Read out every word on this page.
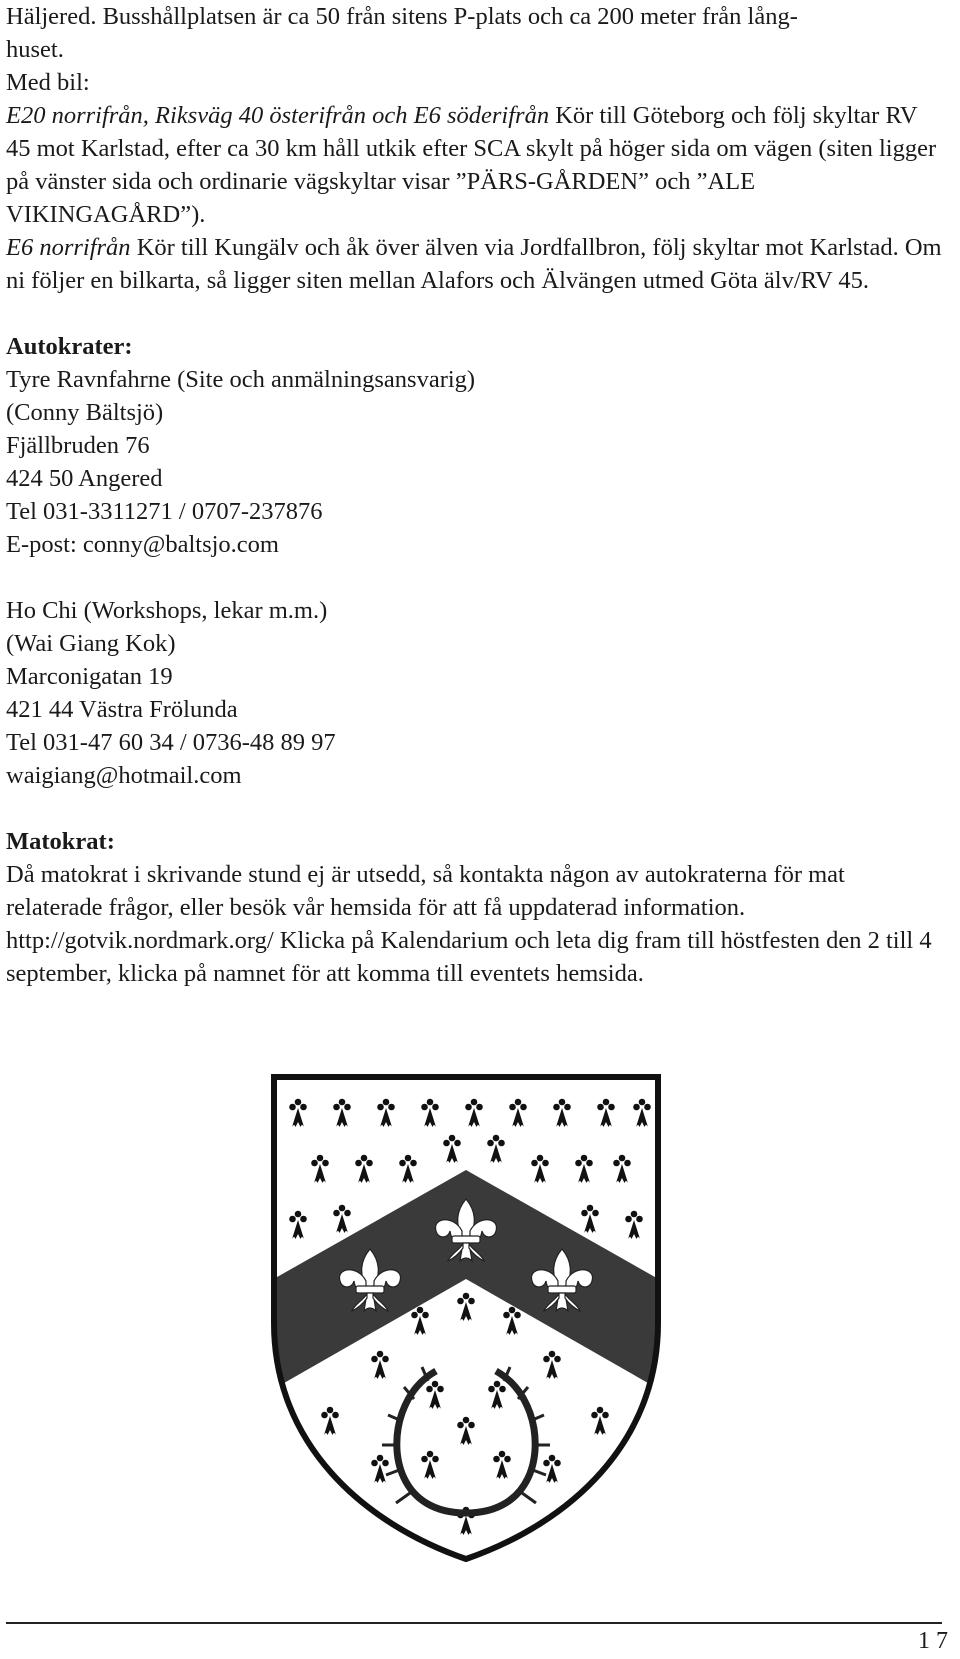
Häljered. Busshållplatsen är ca 50 från sitens P-plats och ca 200 meter från lång-

huset.

Med bil:

E20 norrifrån, Riksväg 40 österifrån och E6 söderifrån Kör till Göteborg och följ skyltar RV 45 mot Karlstad, efter ca 30 km håll utkik efter SCA skylt på höger sida om vägen (siten ligger på vänster sida och ordinarie vägskyltar visar ”PÄRS-GÅRDEN” och ”ALE VIKINGAGÅRD”).

E6 norrifrån Kör till Kungälv och åk över älven via Jordfallbron, följ skyltar mot Karlstad. Om ni följer en bilkarta, så ligger siten mellan Alafors och Älvängen utmed Göta älv/RV 45.

Autokrater:

Tyre Ravnfahrne (Site och anmälningsansvarig)

(Conny Bältsjö)

Fjällbruden 76

424 50 Angered

Tel 031-3311271 / 0707-237876

E-post: conny@baltsjo.com

Ho Chi (Workshops, lekar m.m.)

(Wai Giang Kok)

Marconigatan 19

421 44 Västra Frölunda

Tel 031-47 60 34 / 0736-48 89 97

waigiang@hotmail.com

Matokrat:

Då matokrat i skrivande stund ej är utsedd, så kontakta någon av autokraterna för mat relaterade frågor, eller besök vår hemsida för att få uppdaterad information. http://gotvik.nordmark.org/ Klicka på Kalendarium och leta dig fram till höstfesten den 2 till 4 september, klicka på namnet för att komma till eventets hemsida.

17
